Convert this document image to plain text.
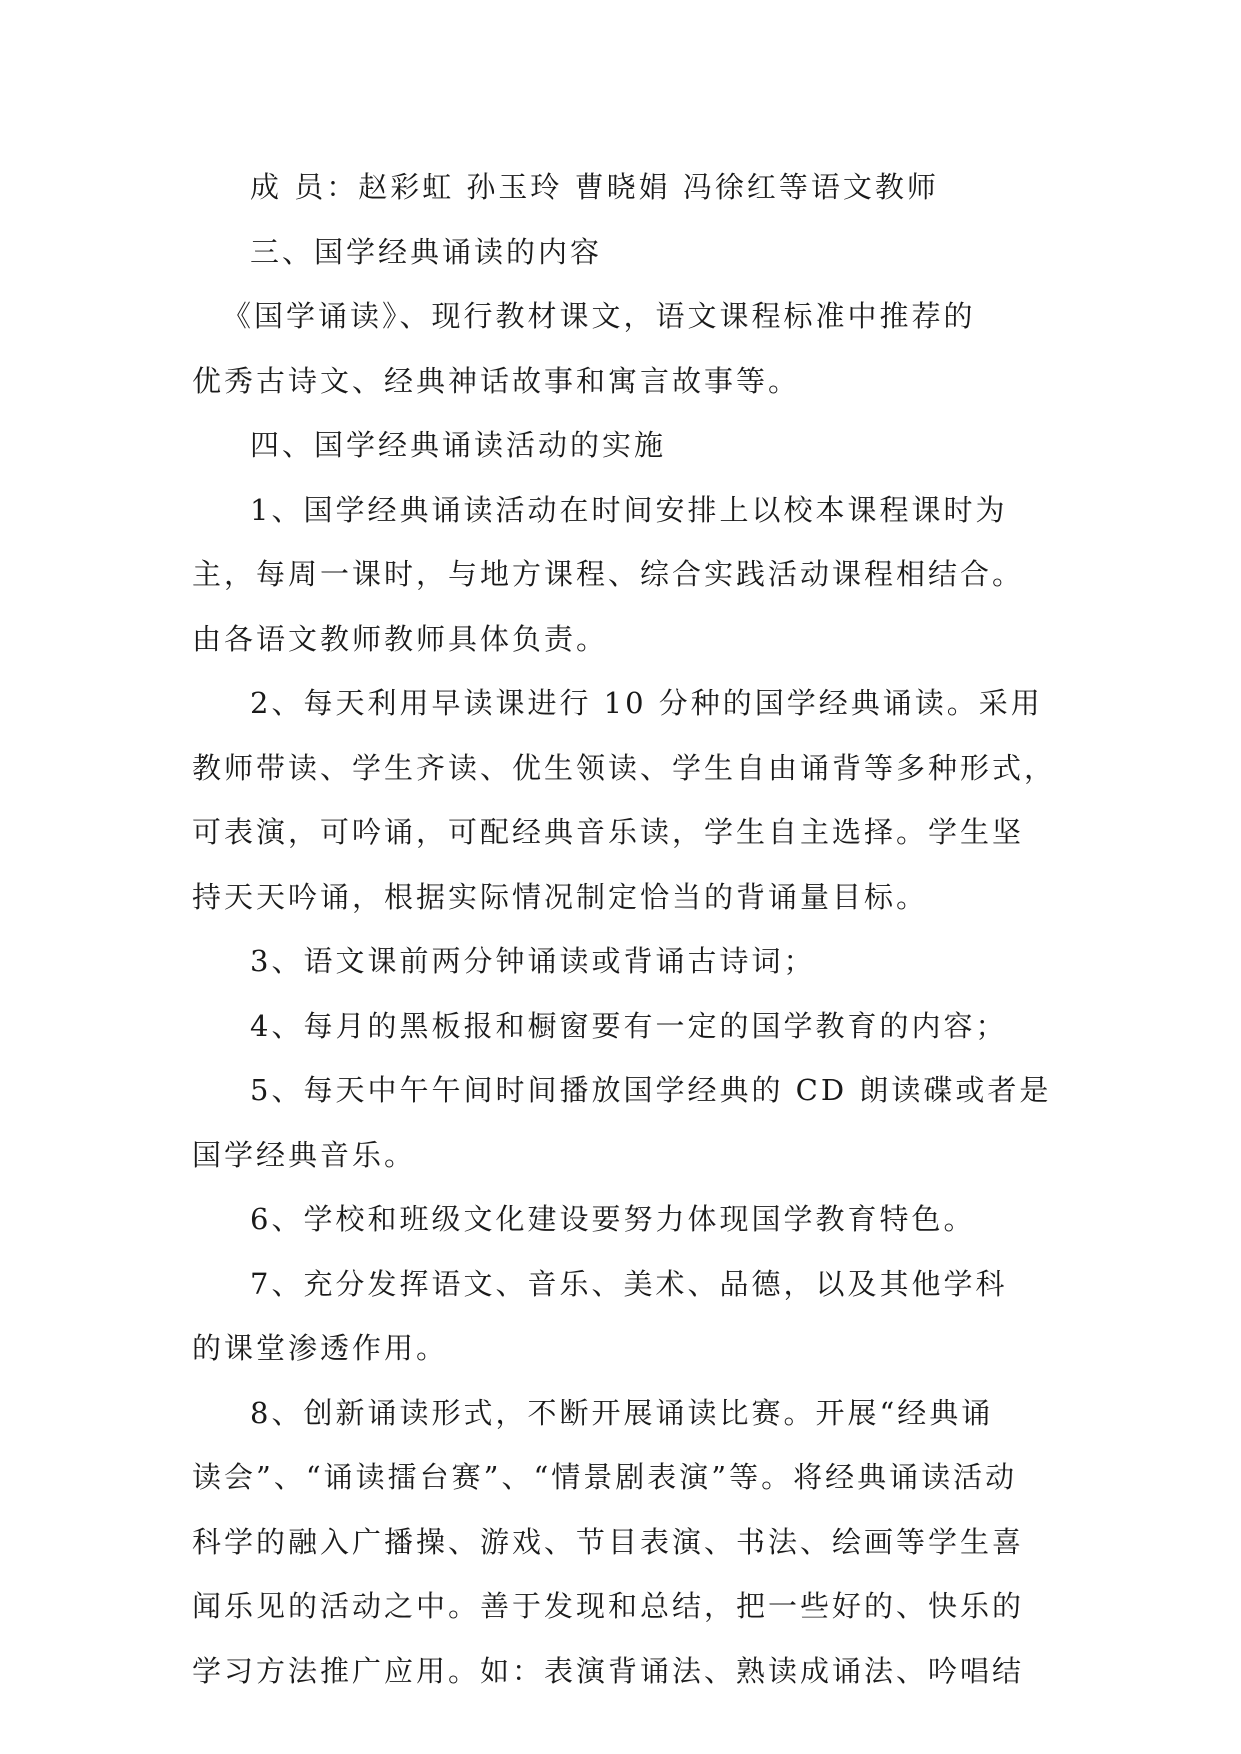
成 员：赵彩虹 孙玉玲 曹晓娟 冯徐红等语文教师
三、国学经典诵读的内容
《国学诵读》、现行教材课文，语文课程标准中推荐的
优秀古诗文、经典神话故事和寓言故事等。
四、国学经典诵读活动的实施
1、国学经典诵读活动在时间安排上以校本课程课时为
主，每周一课时，与地方课程、综合实践活动课程相结合。
由各语文教师教师具体负责。
2、每天利用早读课进行 10 分种的国学经典诵读。采用
教师带读、学生齐读、优生领读、学生自由诵背等多种形式，
可表演，可吟诵，可配经典音乐读，学生自主选择。学生坚
持天天吟诵，根据实际情况制定恰当的背诵量目标。
3、语文课前两分钟诵读或背诵古诗词；
4、每月的黑板报和橱窗要有一定的国学教育的内容；
5、每天中午午间时间播放国学经典的 CD 朗读碟或者是
国学经典音乐。
6、学校和班级文化建设要努力体现国学教育特色。
7、充分发挥语文、音乐、美术、品德，以及其他学科
的课堂渗透作用。
8、创新诵读形式，不断开展诵读比赛。开展“经典诵
读会”、“诵读擂台赛”、“情景剧表演”等。将经典诵读活动
科学的融入广播操、游戏、节目表演、书法、绘画等学生喜
闻乐见的活动之中。善于发现和总结，把一些好的、快乐的
学习方法推广应用。如：表演背诵法、熟读成诵法、吟唱结
